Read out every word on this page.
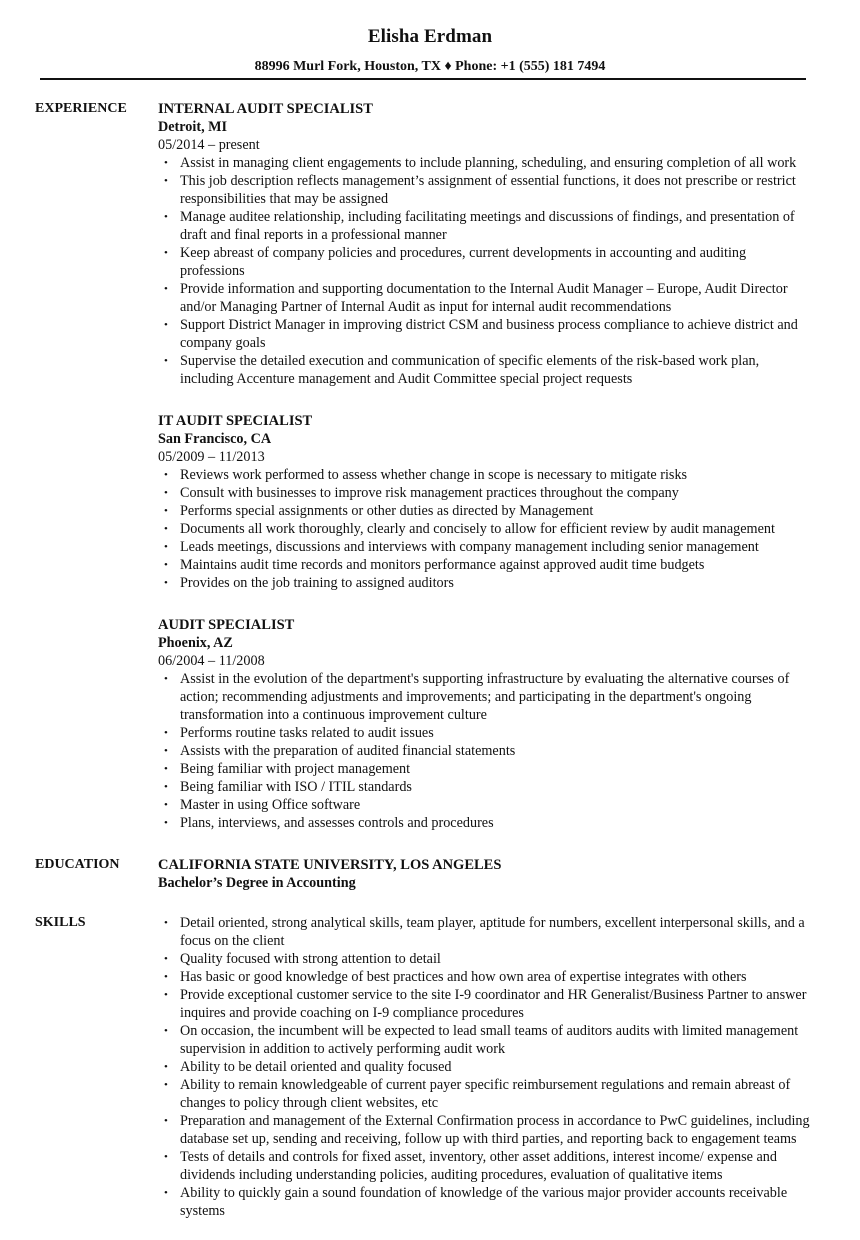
Elisha Erdman
88996 Murl Fork, Houston, TX ♦ Phone: +1 (555) 181 7494
EXPERIENCE	INTERNAL AUDIT SPECIALIST
Detroit, MI
05/2014 – present
• Assist in managing client engagements to include planning, scheduling, and ensuring completion of all work
• This job description reflects management’s assignment of essential functions, it does not prescribe or restrict responsibilities that may be assigned
• Manage auditee relationship, including facilitating meetings and discussions of findings, and presentation of draft and final reports in a professional manner
• Keep abreast of company policies and procedures, current developments in accounting and auditing professions
• Provide information and supporting documentation to the Internal Audit Manager – Europe, Audit Director and/or Managing Partner of Internal Audit as input for internal audit recommendations
• Support District Manager in improving district CSM and business process compliance to achieve district and company goals
• Supervise the detailed execution and communication of specific elements of the risk-based work plan, including Accenture management and Audit Committee special project requests
IT AUDIT SPECIALIST
San Francisco, CA
05/2009 – 11/2013
• Reviews work performed to assess whether change in scope is necessary to mitigate risks
• Consult with businesses to improve risk management practices throughout the company
• Performs special assignments or other duties as directed by Management
• Documents all work thoroughly, clearly and concisely to allow for efficient review by audit management
• Leads meetings, discussions and interviews with company management including senior management
• Maintains audit time records and monitors performance against approved audit time budgets
• Provides on the job training to assigned auditors
AUDIT SPECIALIST
Phoenix, AZ
06/2004 – 11/2008
• Assist in the evolution of the department's supporting infrastructure by evaluating the alternative courses of action; recommending adjustments and improvements; and participating in the department's ongoing transformation into a continuous improvement culture
• Performs routine tasks related to audit issues
• Assists with the preparation of audited financial statements
• Being familiar with project management
• Being familiar with ISO / ITIL standards
• Master in using Office software
• Plans, interviews, and assesses controls and procedures
EDUCATION	CALIFORNIA STATE UNIVERSITY, LOS ANGELES
Bachelor’s Degree in Accounting
SKILLS	• Detail oriented, strong analytical skills, team player, aptitude for numbers, excellent interpersonal skills, and a focus on the client
• Quality focused with strong attention to detail
• Has basic or good knowledge of best practices and how own area of expertise integrates with others
• Provide exceptional customer service to the site I-9 coordinator and HR Generalist/Business Partner to answer inquires and provide coaching on I-9 compliance procedures
• On occasion, the incumbent will be expected to lead small teams of auditors audits with limited management supervision in addition to actively performing audit work
• Ability to be detail oriented and quality focused
• Ability to remain knowledgeable of current payer specific reimbursement regulations and remain abreast of changes to policy through client websites, etc
• Preparation and management of the External Confirmation process in accordance to PwC guidelines, including database set up, sending and receiving, follow up with third parties, and reporting back to engagement teams
• Tests of details and controls for fixed asset, inventory, other asset additions, interest income/ expense and dividends including understanding policies, auditing procedures, evaluation of qualitative items
• Ability to quickly gain a sound foundation of knowledge of the various major provider accounts receivable systems
